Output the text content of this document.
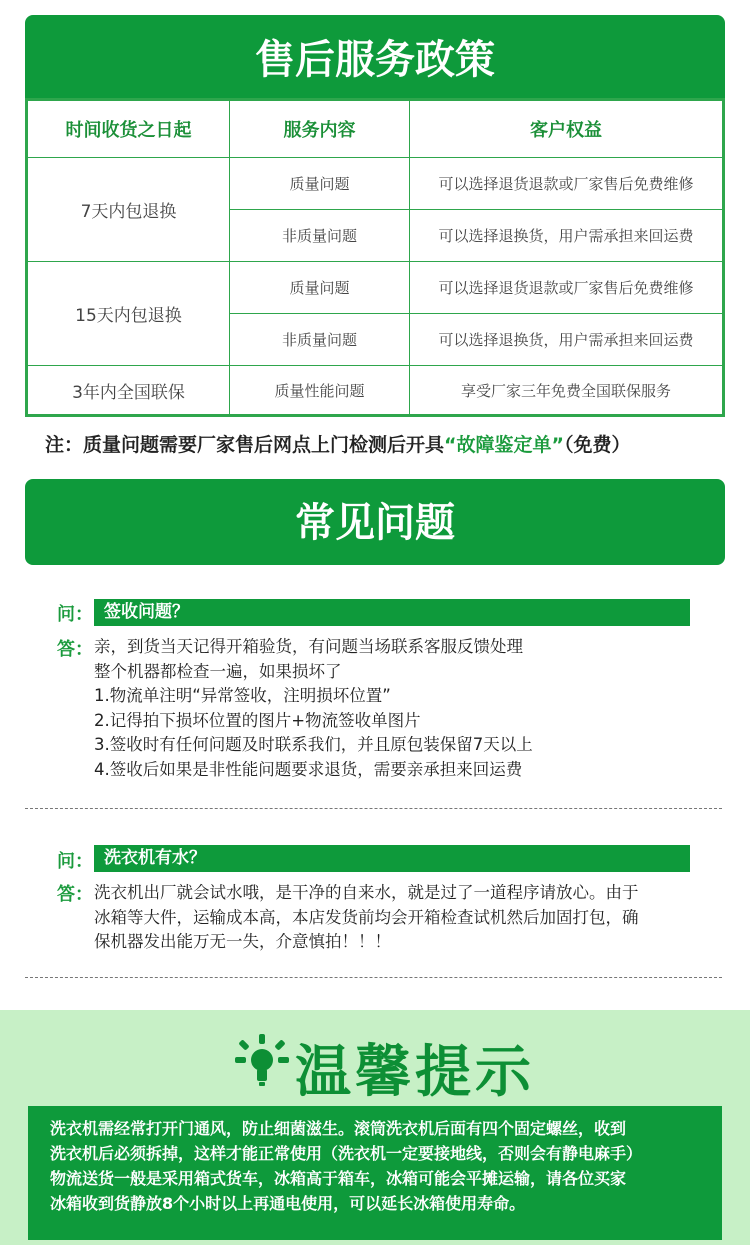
售后服务政策
时间收货之日起	服务内容	客户权益
7天内包退换	质量问题	可以选择退货退款或厂家售后免费维修
	非质量问题	可以选择退换货，用户需承担来回运费
15天内包退换	质量问题	可以选择退货退款或厂家售后免费维修
	非质量问题	可以选择退换货，用户需承担来回运费
3年内全国联保	质量性能问题	享受厂家三年免费全国联保服务
注：质量问题需要厂家售后网点上门检测后开具“故障鉴定单”（免费）
常见问题
问： 签收问题？
答： 亲，到货当天记得开箱验货，有问题当场联系客服反馈处理
整个机器都检查一遍，如果损坏了
1.物流单注明“异常签收，注明损坏位置”
2.记得拍下损坏位置的图片+物流签收单图片
3.签收时有任何问题及时联系我们，并且原包装保留7天以上
4.签收后如果是非性能问题要求退货，需要亲承担来回运费
问： 洗衣机有水？
答： 洗衣机出厂就会试水哦，是干净的自来水，就是过了一道程序请放心。由于
冰箱等大件，运输成本高，本店发货前均会开箱检查试机然后加固打包，确
保机器发出能万无一失，介意慎拍！！！
温馨提示
洗衣机需经常打开门通风，防止细菌滋生。滚筒洗衣机后面有四个固定螺丝，收到
洗衣机后必须拆掉，这样才能正常使用（洗衣机一定要接地线，否则会有静电麻手）
物流送货一般是采用箱式货车，冰箱高于箱车，冰箱可能会平摊运输，请各位买家
冰箱收到货静放8个小时以上再通电使用，可以延长冰箱使用寿命。
